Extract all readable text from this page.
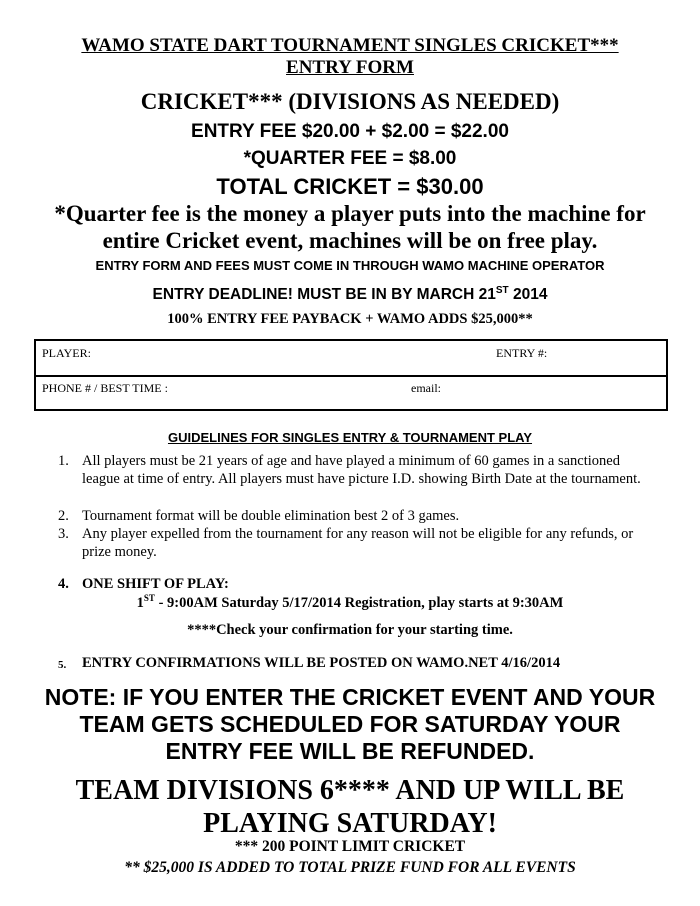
WAMO STATE DART TOURNAMENT SINGLES CRICKET***
ENTRY FORM
CRICKET*** (DIVISIONS AS NEEDED)
ENTRY FEE $20.00 + $2.00 = $22.00
*QUARTER FEE = $8.00
TOTAL CRICKET = $30.00
*Quarter fee is the money a player puts into the machine for entire Cricket event, machines will be on free play.
ENTRY FORM AND FEES MUST COME IN THROUGH WAMO MACHINE OPERATOR
ENTRY DEADLINE! MUST BE IN BY MARCH 21ST 2014
100% ENTRY FEE PAYBACK + WAMO ADDS $25,000**
PLAYER:	ENTRY #:
PHONE # / BEST TIME :	email:
GUIDELINES FOR SINGLES ENTRY & TOURNAMENT PLAY
1. All players must be 21 years of age and have played a minimum of 60 games in a sanctioned league at time of entry. All players must have picture I.D. showing Birth Date at the tournament.
2. Tournament format will be double elimination best 2 of 3 games.
3. Any player expelled from the tournament for any reason will not be eligible for any refunds, or prize money.
4. ONE SHIFT OF PLAY:
1ST - 9:00AM Saturday 5/17/2014 Registration, play starts at 9:30AM
****Check your confirmation for your starting time.
5. ENTRY CONFIRMATIONS WILL BE POSTED ON WAMO.NET 4/16/2014
NOTE: IF YOU ENTER THE CRICKET EVENT AND YOUR TEAM GETS SCHEDULED FOR SATURDAY YOUR ENTRY FEE WILL BE REFUNDED.
TEAM DIVISIONS 6**** AND UP WILL BE PLAYING SATURDAY!
*** 200 POINT LIMIT CRICKET
** $25,000 IS ADDED TO TOTAL PRIZE FUND FOR ALL EVENTS
